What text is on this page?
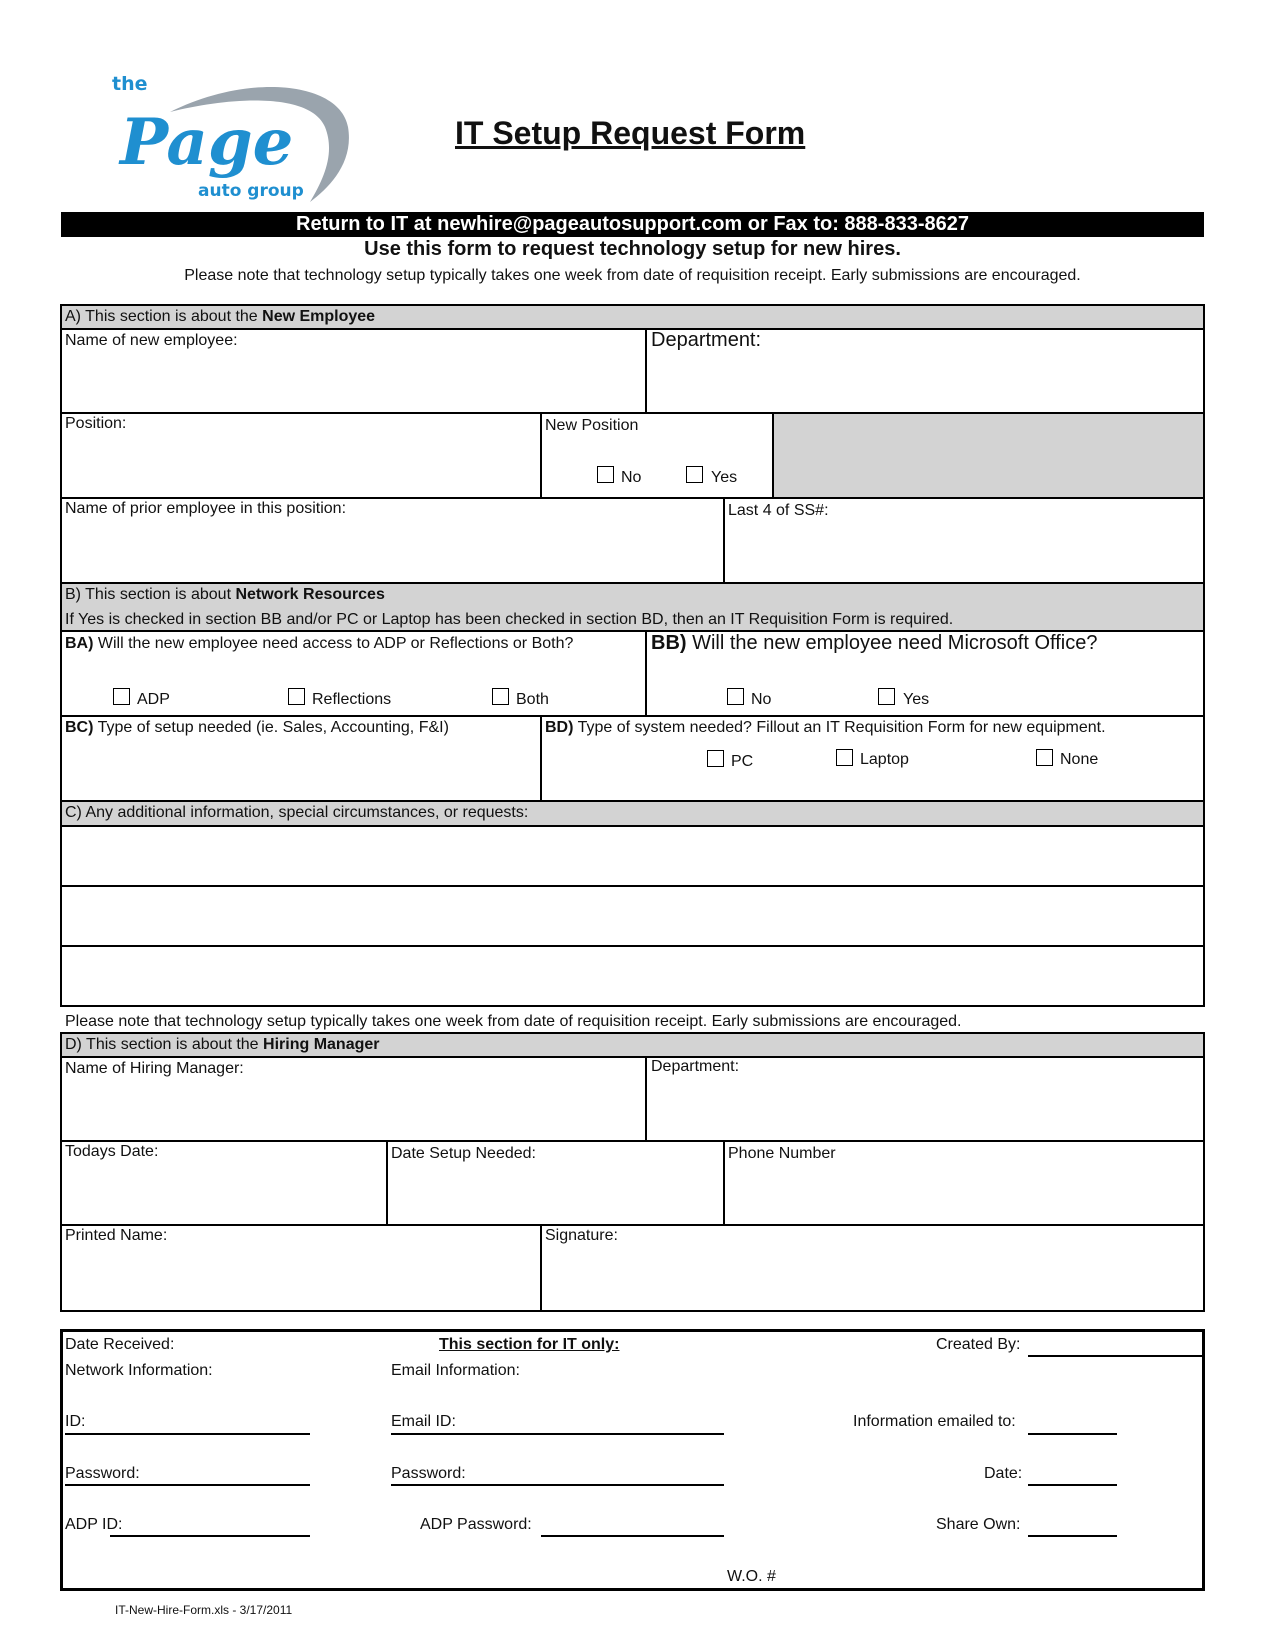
the
Page
auto group
IT Setup Request Form
Return to IT at newhire@pageautosupport.com or Fax to: 888-833-8627
Use this form to request technology setup for new hires.
Please note that technology setup typically takes one week from date of requisition receipt. Early submissions are encouraged.
A) This section is about the New Employee
Name of new employee:	Department:
Position:	New Position
No	Yes
Name of prior employee in this position:	Last 4 of SS#:
B) This section is about Network Resources
If Yes is checked in section BB and/or PC or Laptop has been checked in section BD, then an IT Requisition Form is required.
BA) Will the new employee need access to ADP or Reflections or Both?
ADP	Reflections	Both
BB) Will the new employee need Microsoft Office?
No	Yes
BC) Type of setup needed (ie. Sales, Accounting, F&I)	BD) Type of system needed? Fillout an IT Requisition Form for new equipment.
PC	Laptop	None
C) Any additional information, special circumstances, or requests:
Please note that technology setup typically takes one week from date of requisition receipt. Early submissions are encouraged.
D) This section is about the Hiring Manager
Name of Hiring Manager:	Department:
Todays Date:	Date Setup Needed:	Phone Number
Printed Name:	Signature:
Date Received:	This section for IT only:	Created By:
Network Information:	Email Information:
ID:	Email ID:	Information emailed to:
Password:	Password:	Date:
ADP ID:	ADP Password:	Share Own:
W.O. #
IT-New-Hire-Form.xls - 3/17/2011
